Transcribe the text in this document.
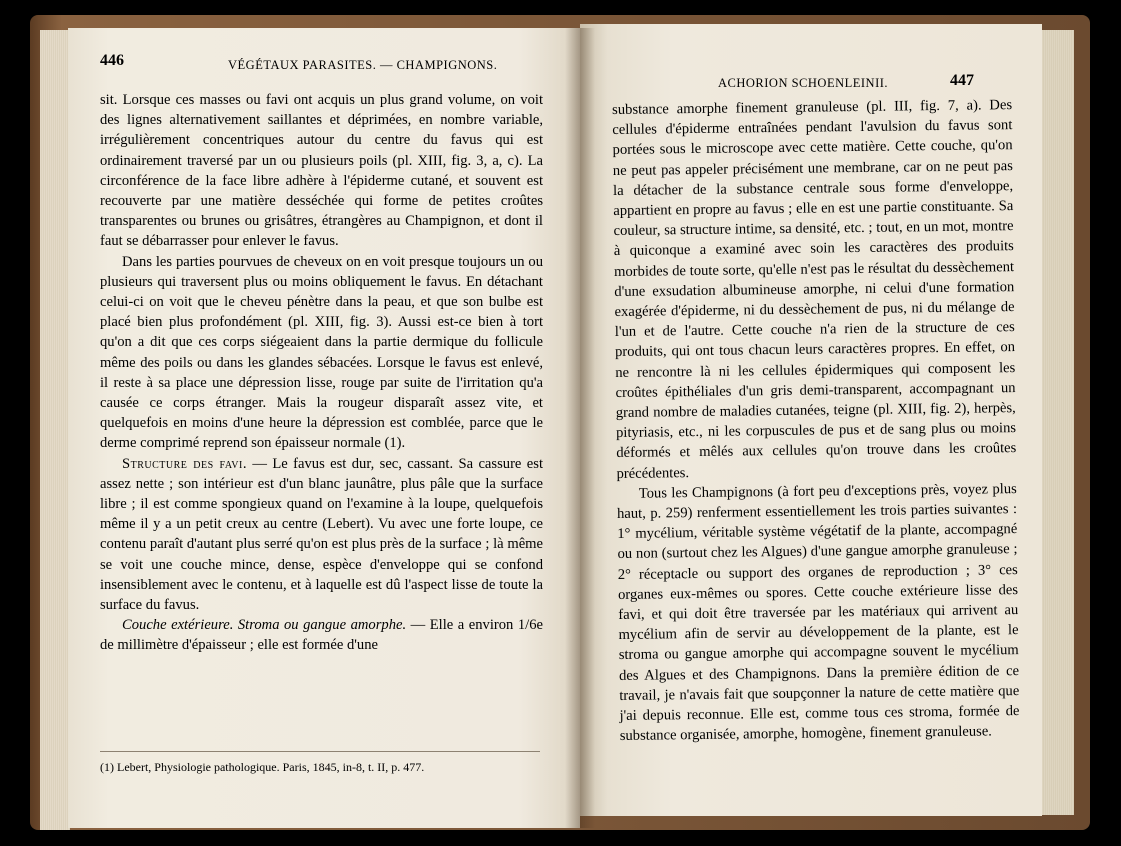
446	VÉGÉTAUX PARASITES. — CHAMPIGNONS.

sit. Lorsque ces masses ou favi ont acquis un plus grand volume, on voit des lignes alternativement saillantes et déprimées, en nombre variable, irrégulièrement concentriques autour du centre du favus qui est ordinairement traversé par un ou plusieurs poils (pl. XIII, fig. 3, a, c). La circonférence de la face libre adhère à l'épiderme cutané, et souvent est recouverte par une matière desséchée qui forme de petites croûtes transparentes ou brunes ou grisâtres, étrangères au Champignon, et dont il faut se débarrasser pour enlever le favus.

Dans les parties pourvues de cheveux on en voit presque toujours un ou plusieurs qui traversent plus ou moins obliquement le favus. En détachant celui-ci on voit que le cheveu pénètre dans la peau, et que son bulbe est placé bien plus profondément (pl. XIII, fig. 3). Aussi est-ce bien à tort qu'on a dit que ces corps siégeaient dans la partie dermique du follicule même des poils ou dans les glandes sébacées. Lorsque le favus est enlevé, il reste à sa place une dépression lisse, rouge par suite de l'irritation qu'a causée ce corps étranger. Mais la rougeur disparaît assez vite, et quelquefois en moins d'une heure la dépression est comblée, parce que le derme comprimé reprend son épaisseur normale (1).

Structure des favi. — Le favus est dur, sec, cassant. Sa cassure est assez nette ; son intérieur est d'un blanc jaunâtre, plus pâle que la surface libre ; il est comme spongieux quand on l'examine à la loupe, quelquefois même il y a un petit creux au centre (Lebert). Vu avec une forte loupe, ce contenu paraît d'autant plus serré qu'on est plus près de la surface ; là même se voit une couche mince, dense, espèce d'enveloppe qui se confond insensiblement avec le contenu, et à laquelle est dû l'aspect lisse de toute la surface du favus.

Couche extérieure. Stroma ou gangue amorphe. — Elle a environ 1/6e de millimètre d'épaisseur ; elle est formée d'une

(1) Lebert, Physiologie pathologique. Paris, 1845, in-8, t. II, p. 477.
ACHORION SCHOENLEINII.	447

substance amorphe finement granuleuse (pl. III, fig. 7, a). Des cellules d'épiderme entraînées pendant l'avulsion du favus sont portées sous le microscope avec cette matière. Cette couche, qu'on ne peut pas appeler précisément une membrane, car on ne peut pas la détacher de la substance centrale sous forme d'enveloppe, appartient en propre au favus ; elle en est une partie constituante. Sa couleur, sa structure intime, sa densité, etc. ; tout, en un mot, montre à quiconque a examiné avec soin les caractères des produits morbides de toute sorte, qu'elle n'est pas le résultat du dessèchement d'une exsudation albumineuse amorphe, ni celui d'une formation exagérée d'épiderme, ni du dessèchement de pus, ni du mélange de l'un et de l'autre. Cette couche n'a rien de la structure de ces produits, qui ont tous chacun leurs caractères propres. En effet, on ne rencontre là ni les cellules épidermiques qui composent les croûtes épithéliales d'un gris demi-transparent, accompagnant un grand nombre de maladies cutanées, teigne (pl. XIII, fig. 2), herpès, pityriasis, etc., ni les corpuscules de pus et de sang plus ou moins déformés et mêlés aux cellules qu'on trouve dans les croûtes précédentes.

Tous les Champignons (à fort peu d'exceptions près, voyez plus haut, p. 259) renferment essentiellement les trois parties suivantes : 1° mycélium, véritable système végétatif de la plante, accompagné ou non (surtout chez les Algues) d'une gangue amorphe granuleuse ; 2° réceptacle ou support des organes de reproduction ; 3° ces organes eux-mêmes ou spores. Cette couche extérieure lisse des favi, et qui doit être traversée par les matériaux qui arrivent au mycélium afin de servir au développement de la plante, est le stroma ou gangue amorphe qui accompagne souvent le mycélium des Algues et des Champignons. Dans la première édition de ce travail, je n'avais fait que soupçonner la nature de cette matière que j'ai depuis reconnue. Elle est, comme tous ces stroma, formée de substance organisée, amorphe, homogène, finement granuleuse.
